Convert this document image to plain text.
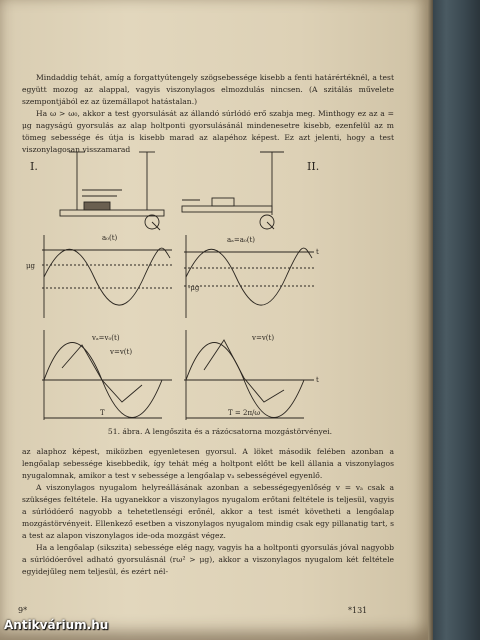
Mindaddig tehát, amíg a forgattyútengely szögsebessége kisebb a fenti határértéknél, a test együtt mozog az alappal, vagyis viszonylagos elmozdulás nincsen. (A szitálás művelete szempontjából ez az üzemállapot hatástalan.)

Ha ω > ω₀, akkor a test gyorsulását az állandó súrlódó erő szabja meg. Minthogy ez az a = μg nagyságú gyorsulás az alap holtponti gyorsulásánál mindenesetre kisebb, ezenfelül az m tömeg sebessége és útja is kisebb marad az alapéhoz képest. Ez azt jelenti, hogy a test viszonylagosan visszamarad

I.	II.
a₀(t)	aₐ=a₀(t)
μg
-μg
t
vₐ=v₀(t)
v=v(t)
v=v(t)
T	T = 2π/ω
t
51. ábra. A lengőszita és a rázócsatorna mozgástörvényei.

az alaphoz képest, miközben egyenletesen gyorsul. A löket második felében azonban a lengőalap sebessége kisebbedik, így tehát még a holtpont előtt be kell állania a viszonylagos nyugalomnak, amikor a test v sebessége a lengőalap vₐ sebességével egyenlő.

A viszonylagos nyugalom helyreállásának azonban a sebességegyenlőség v = vₐ csak a szükséges feltétele. Ha ugyanekkor a viszonylagos nyugalom erőtani feltétele is teljesül, vagyis a súrlódóerő nagyobb a tehetetlenségi erőnél, akkor a test ismét követheti a lengőalap mozgástörvényeit. Ellenkező esetben a viszonylagos nyugalom mindig csak egy pillanatig tart, s a test az alapon viszonylagos ide-oda mozgást végez.

Ha a lengőalap (sikszita) sebessége elég nagy, vagyis ha a holtponti gyorsulás jóval nagyobb a súrlódóerővel adható gyorsulásnál (rω² > μg), akkor a viszonylagos nyugalom két feltétele egyidejűleg nem teljesül, és ezért nél-

9*	*131
Antikvárium.hu
